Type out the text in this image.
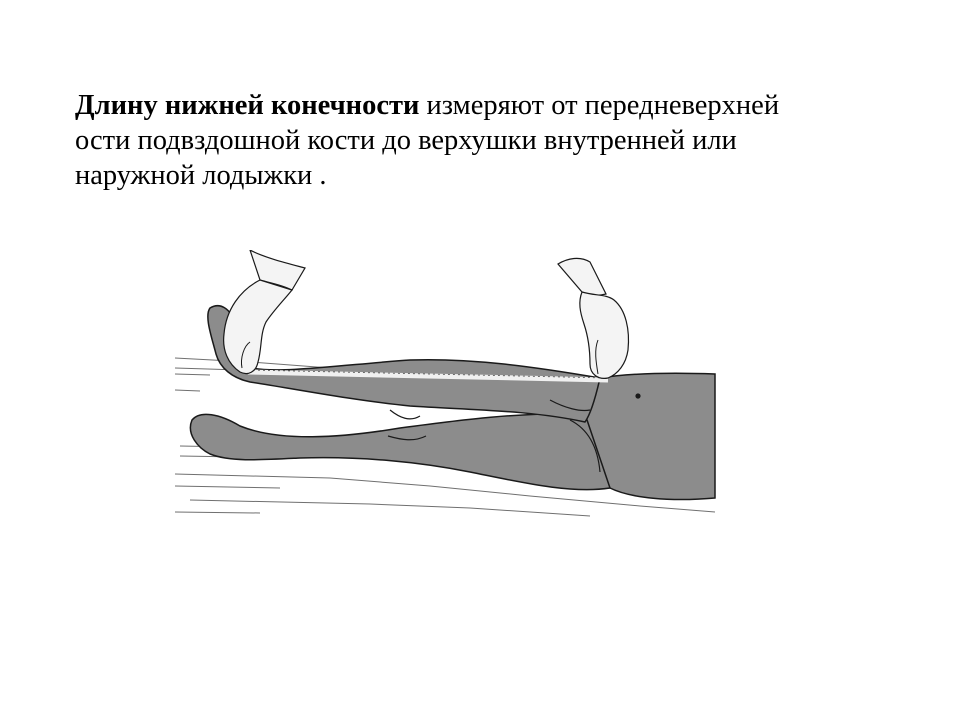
Длину нижней конечности измеряют от передневерхней
ости подвздошной кости до верхушки внутренней или
наружной лодыжки .
